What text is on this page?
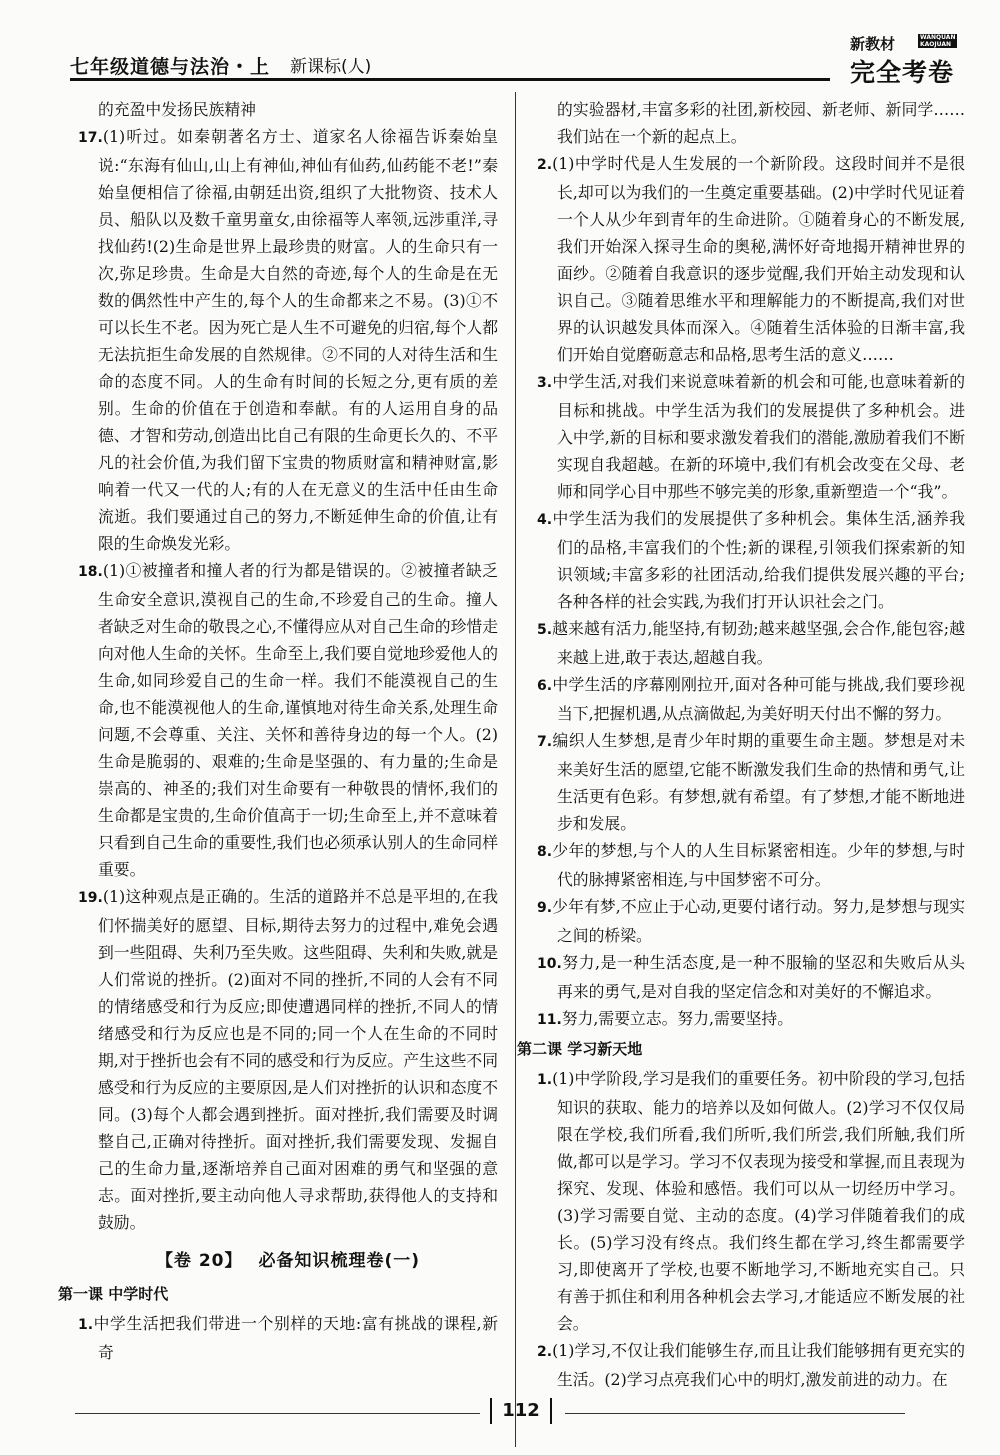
七年级道德与法治・上 新课标(人)
新教材	WANQUAN
KAOJUAN
完全考卷

的充盈中发扬民族精神

17.(1)听过。如秦朝著名方士、道家名人徐福告诉秦始皇说:“东海有仙山,山上有神仙,神仙有仙药,仙药能不老!”秦始皇便相信了徐福,由朝廷出资,组织了大批物资、技术人员、船队以及数千童男童女,由徐福等人率领,远涉重洋,寻找仙药!(2)生命是世界上最珍贵的财富。人的生命只有一次,弥足珍贵。生命是大自然的奇迹,每个人的生命是在无数的偶然性中产生的,每个人的生命都来之不易。(3)①不可以长生不老。因为死亡是人生不可避免的归宿,每个人都无法抗拒生命发展的自然规律。②不同的人对待生活和生命的态度不同。人的生命有时间的长短之分,更有质的差别。生命的价值在于创造和奉献。有的人运用自身的品德、才智和劳动,创造出比自己有限的生命更长久的、不平凡的社会价值,为我们留下宝贵的物质财富和精神财富,影响着一代又一代的人;有的人在无意义的生活中任由生命流逝。我们要通过自己的努力,不断延伸生命的价值,让有限的生命焕发光彩。

18.(1)①被撞者和撞人者的行为都是错误的。②被撞者缺乏生命安全意识,漠视自己的生命,不珍爱自己的生命。撞人者缺乏对生命的敬畏之心,不懂得应从对自己生命的珍惜走向对他人生命的关怀。生命至上,我们要自觉地珍爱他人的生命,如同珍爱自己的生命一样。我们不能漠视自己的生命,也不能漠视他人的生命,谨慎地对待生命关系,处理生命问题,不会尊重、关注、关怀和善待身边的每一个人。(2)生命是脆弱的、艰难的;生命是坚强的、有力量的;生命是崇高的、神圣的;我们对生命要有一种敬畏的情怀,我们的生命都是宝贵的,生命价值高于一切;生命至上,并不意味着只看到自己生命的重要性,我们也必须承认别人的生命同样重要。

19.(1)这种观点是正确的。生活的道路并不总是平坦的,在我们怀揣美好的愿望、目标,期待去努力的过程中,难免会遇到一些阻碍、失利乃至失败。这些阻碍、失利和失败,就是人们常说的挫折。(2)面对不同的挫折,不同的人会有不同的情绪感受和行为反应;即使遭遇同样的挫折,不同人的情绪感受和行为反应也是不同的;同一个人在生命的不同时期,对于挫折也会有不同的感受和行为反应。产生这些不同感受和行为反应的主要原因,是人们对挫折的认识和态度不同。(3)每个人都会遇到挫折。面对挫折,我们需要及时调整自己,正确对待挫折。面对挫折,我们需要发现、发掘自己的生命力量,逐渐培养自己面对困难的勇气和坚强的意志。面对挫折,要主动向他人寻求帮助,获得他人的支持和鼓励。

【卷 20】 必备知识梳理卷(一)
第一课 中学时代

1.中学生活把我们带进一个别样的天地:富有挑战的课程,新奇

的实验器材,丰富多彩的社团,新校园、新老师、新同学……我们站在一个新的起点上。

2.(1)中学时代是人生发展的一个新阶段。这段时间并不是很长,却可以为我们的一生奠定重要基础。(2)中学时代见证着一个人从少年到青年的生命进阶。①随着身心的不断发展,我们开始深入探寻生命的奥秘,满怀好奇地揭开精神世界的面纱。②随着自我意识的逐步觉醒,我们开始主动发现和认识自己。③随着思维水平和理解能力的不断提高,我们对世界的认识越发具体而深入。④随着生活体验的日渐丰富,我们开始自觉磨砺意志和品格,思考生活的意义……

3.中学生活,对我们来说意味着新的机会和可能,也意味着新的目标和挑战。中学生活为我们的发展提供了多种机会。进入中学,新的目标和要求激发着我们的潜能,激励着我们不断实现自我超越。在新的环境中,我们有机会改变在父母、老师和同学心目中那些不够完美的形象,重新塑造一个“我”。

4.中学生活为我们的发展提供了多种机会。集体生活,涵养我们的品格,丰富我们的个性;新的课程,引领我们探索新的知识领域;丰富多彩的社团活动,给我们提供发展兴趣的平台;各种各样的社会实践,为我们打开认识社会之门。

5.越来越有活力,能坚持,有韧劲;越来越坚强,会合作,能包容;越来越上进,敢于表达,超越自我。

6.中学生活的序幕刚刚拉开,面对各种可能与挑战,我们要珍视当下,把握机遇,从点滴做起,为美好明天付出不懈的努力。

7.编织人生梦想,是青少年时期的重要生命主题。梦想是对未来美好生活的愿望,它能不断激发我们生命的热情和勇气,让生活更有色彩。有梦想,就有希望。有了梦想,才能不断地进步和发展。

8.少年的梦想,与个人的人生目标紧密相连。少年的梦想,与时代的脉搏紧密相连,与中国梦密不可分。

9.少年有梦,不应止于心动,更要付诸行动。努力,是梦想与现实之间的桥梁。

10.努力,是一种生活态度,是一种不服输的坚忍和失败后从头再来的勇气,是对自我的坚定信念和对美好的不懈追求。

11.努力,需要立志。努力,需要坚持。

第二课 学习新天地

1.(1)中学阶段,学习是我们的重要任务。初中阶段的学习,包括知识的获取、能力的培养以及如何做人。(2)学习不仅仅局限在学校,我们所看,我们所听,我们所尝,我们所触,我们所做,都可以是学习。学习不仅表现为接受和掌握,而且表现为探究、发现、体验和感悟。我们可以从一切经历中学习。(3)学习需要自觉、主动的态度。(4)学习伴随着我们的成长。(5)学习没有终点。我们终生都在学习,终生都需要学习,即使离开了学校,也要不断地学习,不断地充实自己。只有善于抓住和利用各种机会去学习,才能适应不断发展的社会。

2.(1)学习,不仅让我们能够生存,而且让我们能够拥有更充实的生活。(2)学习点亮我们心中的明灯,激发前进的动力。在

112
